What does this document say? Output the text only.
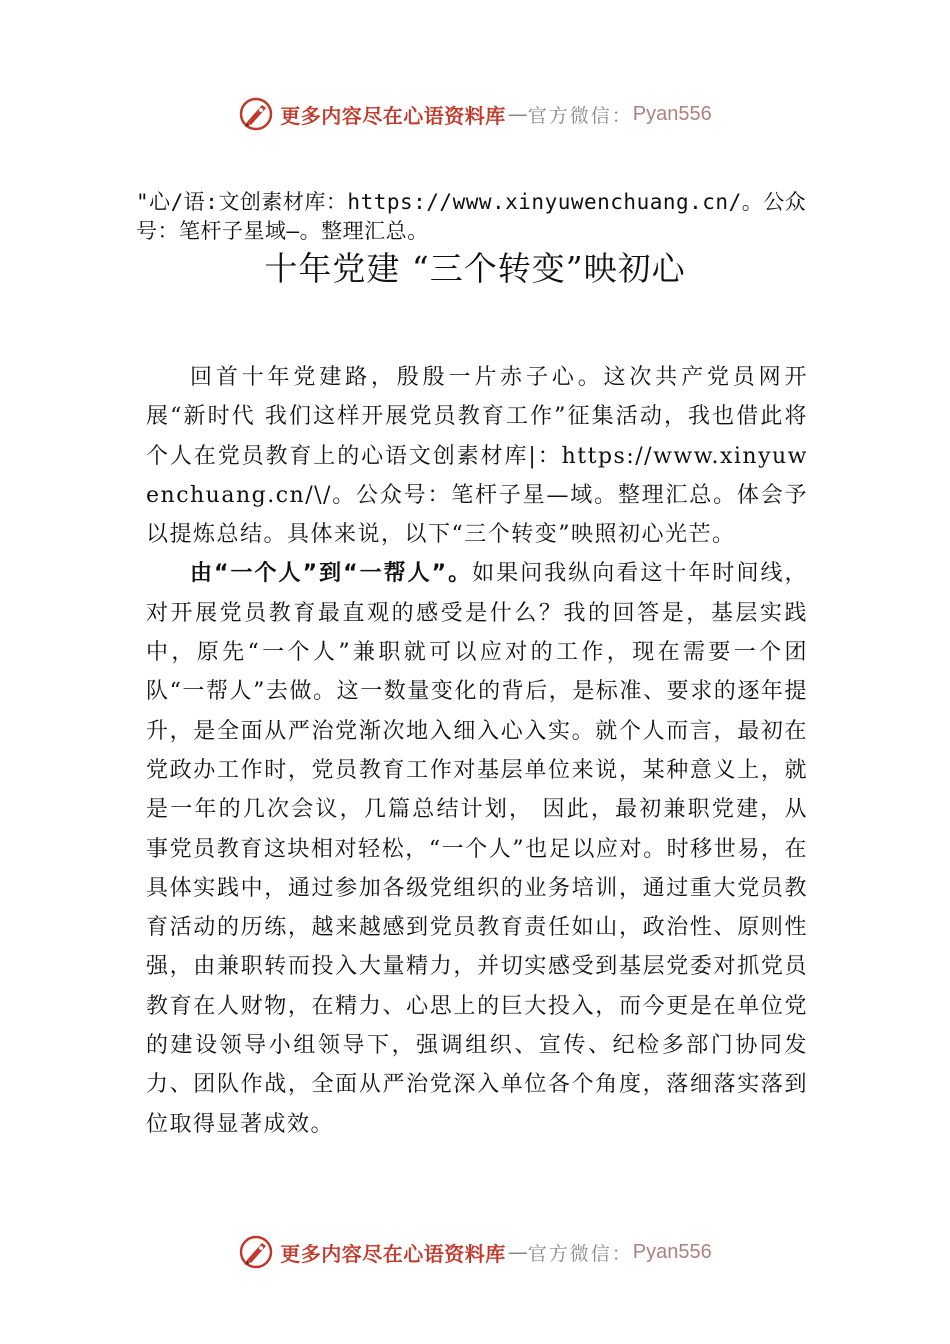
更多内容尽在心语资料库 — 官方微信： Pyan556
"心/语:文创素材库：https://www.xinyuwenchuang.cn/。公众号：笔杆子星域—。整理汇总。
十年党建 “三个转变”映初心

回首十年党建路，殷殷一片赤子心。这次共产党员网开展“新时代 我们这样开展党员教育工作”征集活动，我也借此将个人在党员教育上的心语文创素材库|：https://www.xinyuwenchuang.cn/\/。公众号：笔杆子星—域。整理汇总。体会予以提炼总结。具体来说，以下“三个转变”映照初心光芒。

由“一个人”到“一帮人”。如果问我纵向看这十年时间线，对开展党员教育最直观的感受是什么？我的回答是，基层实践中，原先“一个人”兼职就可以应对的工作，现在需要一个团队“一帮人”去做。这一数量变化的背后，是标准、要求的逐年提升，是全面从严治党渐次地入细入心入实。就个人而言，最初在党政办工作时，党员教育工作对基层单位来说，某种意义上，就是一年的几次会议，几篇总结计划， 因此，最初兼职党建，从事党员教育这块相对轻松，“一个人”也足以应对。时移世易，在具体实践中，通过参加各级党组织的业务培训，通过重大党员教育活动的历练，越来越感到党员教育责任如山，政治性、原则性强，由兼职转而投入大量精力，并切实感受到基层党委对抓党员教育在人财物，在精力、心思上的巨大投入，而今更是在单位党的建设领导小组领导下，强调组织、宣传、纪检多部门协同发力、团队作战，全面从严治党深入单位各个角度，落细落实落到位取得显著成效。

更多内容尽在心语资料库 — 官方微信： Pyan556
